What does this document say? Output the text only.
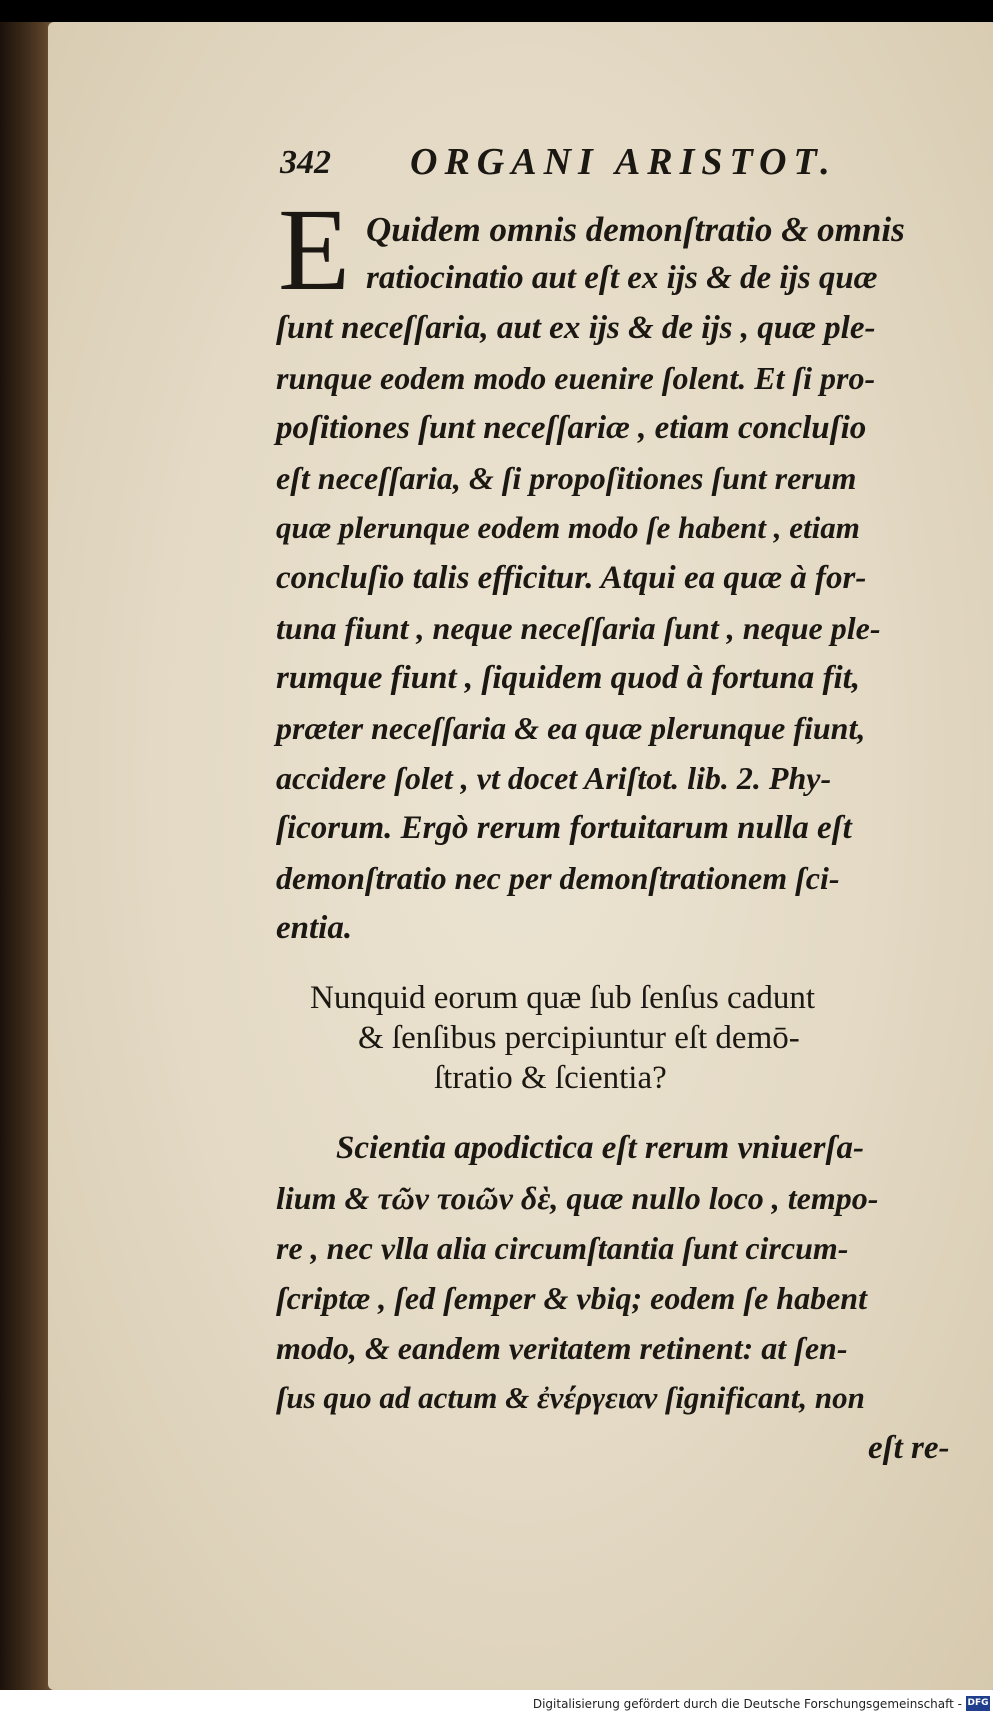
342 ORGANI ARISTOT.
E Quidem omnis demonſtratio & omnis
ratiocinatio aut eſt ex ijs & de ijs quæ
ſunt neceſſaria, aut ex ijs & de ijs , quæ ple-
runque eodem modo euenire ſolent. Et ſi pro-
poſitiones ſunt neceſſariæ , etiam concluſio
eſt neceſſaria, & ſi propoſitiones ſunt rerum
quæ plerunque eodem modo ſe habent , etiam
concluſio talis efficitur. Atqui ea quæ à for-
tuna fiunt , neque neceſſaria ſunt , neque ple-
rumque fiunt , ſiquidem quod à fortuna fit,
præter neceſſaria & ea quæ plerunque fiunt,
accidere ſolet , vt docet Ariſtot. lib. 2. Phy-
ſicorum. Ergò rerum fortuitarum nulla eſt
demonſtratio nec per demonſtrationem ſci-
entia.
Nunquid eorum quæ ſub ſenſus cadunt
& ſenſibus percipiuntur eſt demō-
ſtratio & ſcientia?
Scientia apodictica eſt rerum vniuerſa-
lium & τῶν τοιῶν δὲ, quæ nullo loco , tempo-
re , nec vlla alia circumſtantia ſunt circum-
ſcriptæ , ſed ſemper & vbiq; eodem ſe habent
modo, & eandem veritatem retinent: at ſen-
ſus quo ad actum & ἐνέργειαν ſignificant, non
eſt re-
Digitalisierung gefördert durch die Deutsche Forschungsgemeinschaft - DFG
